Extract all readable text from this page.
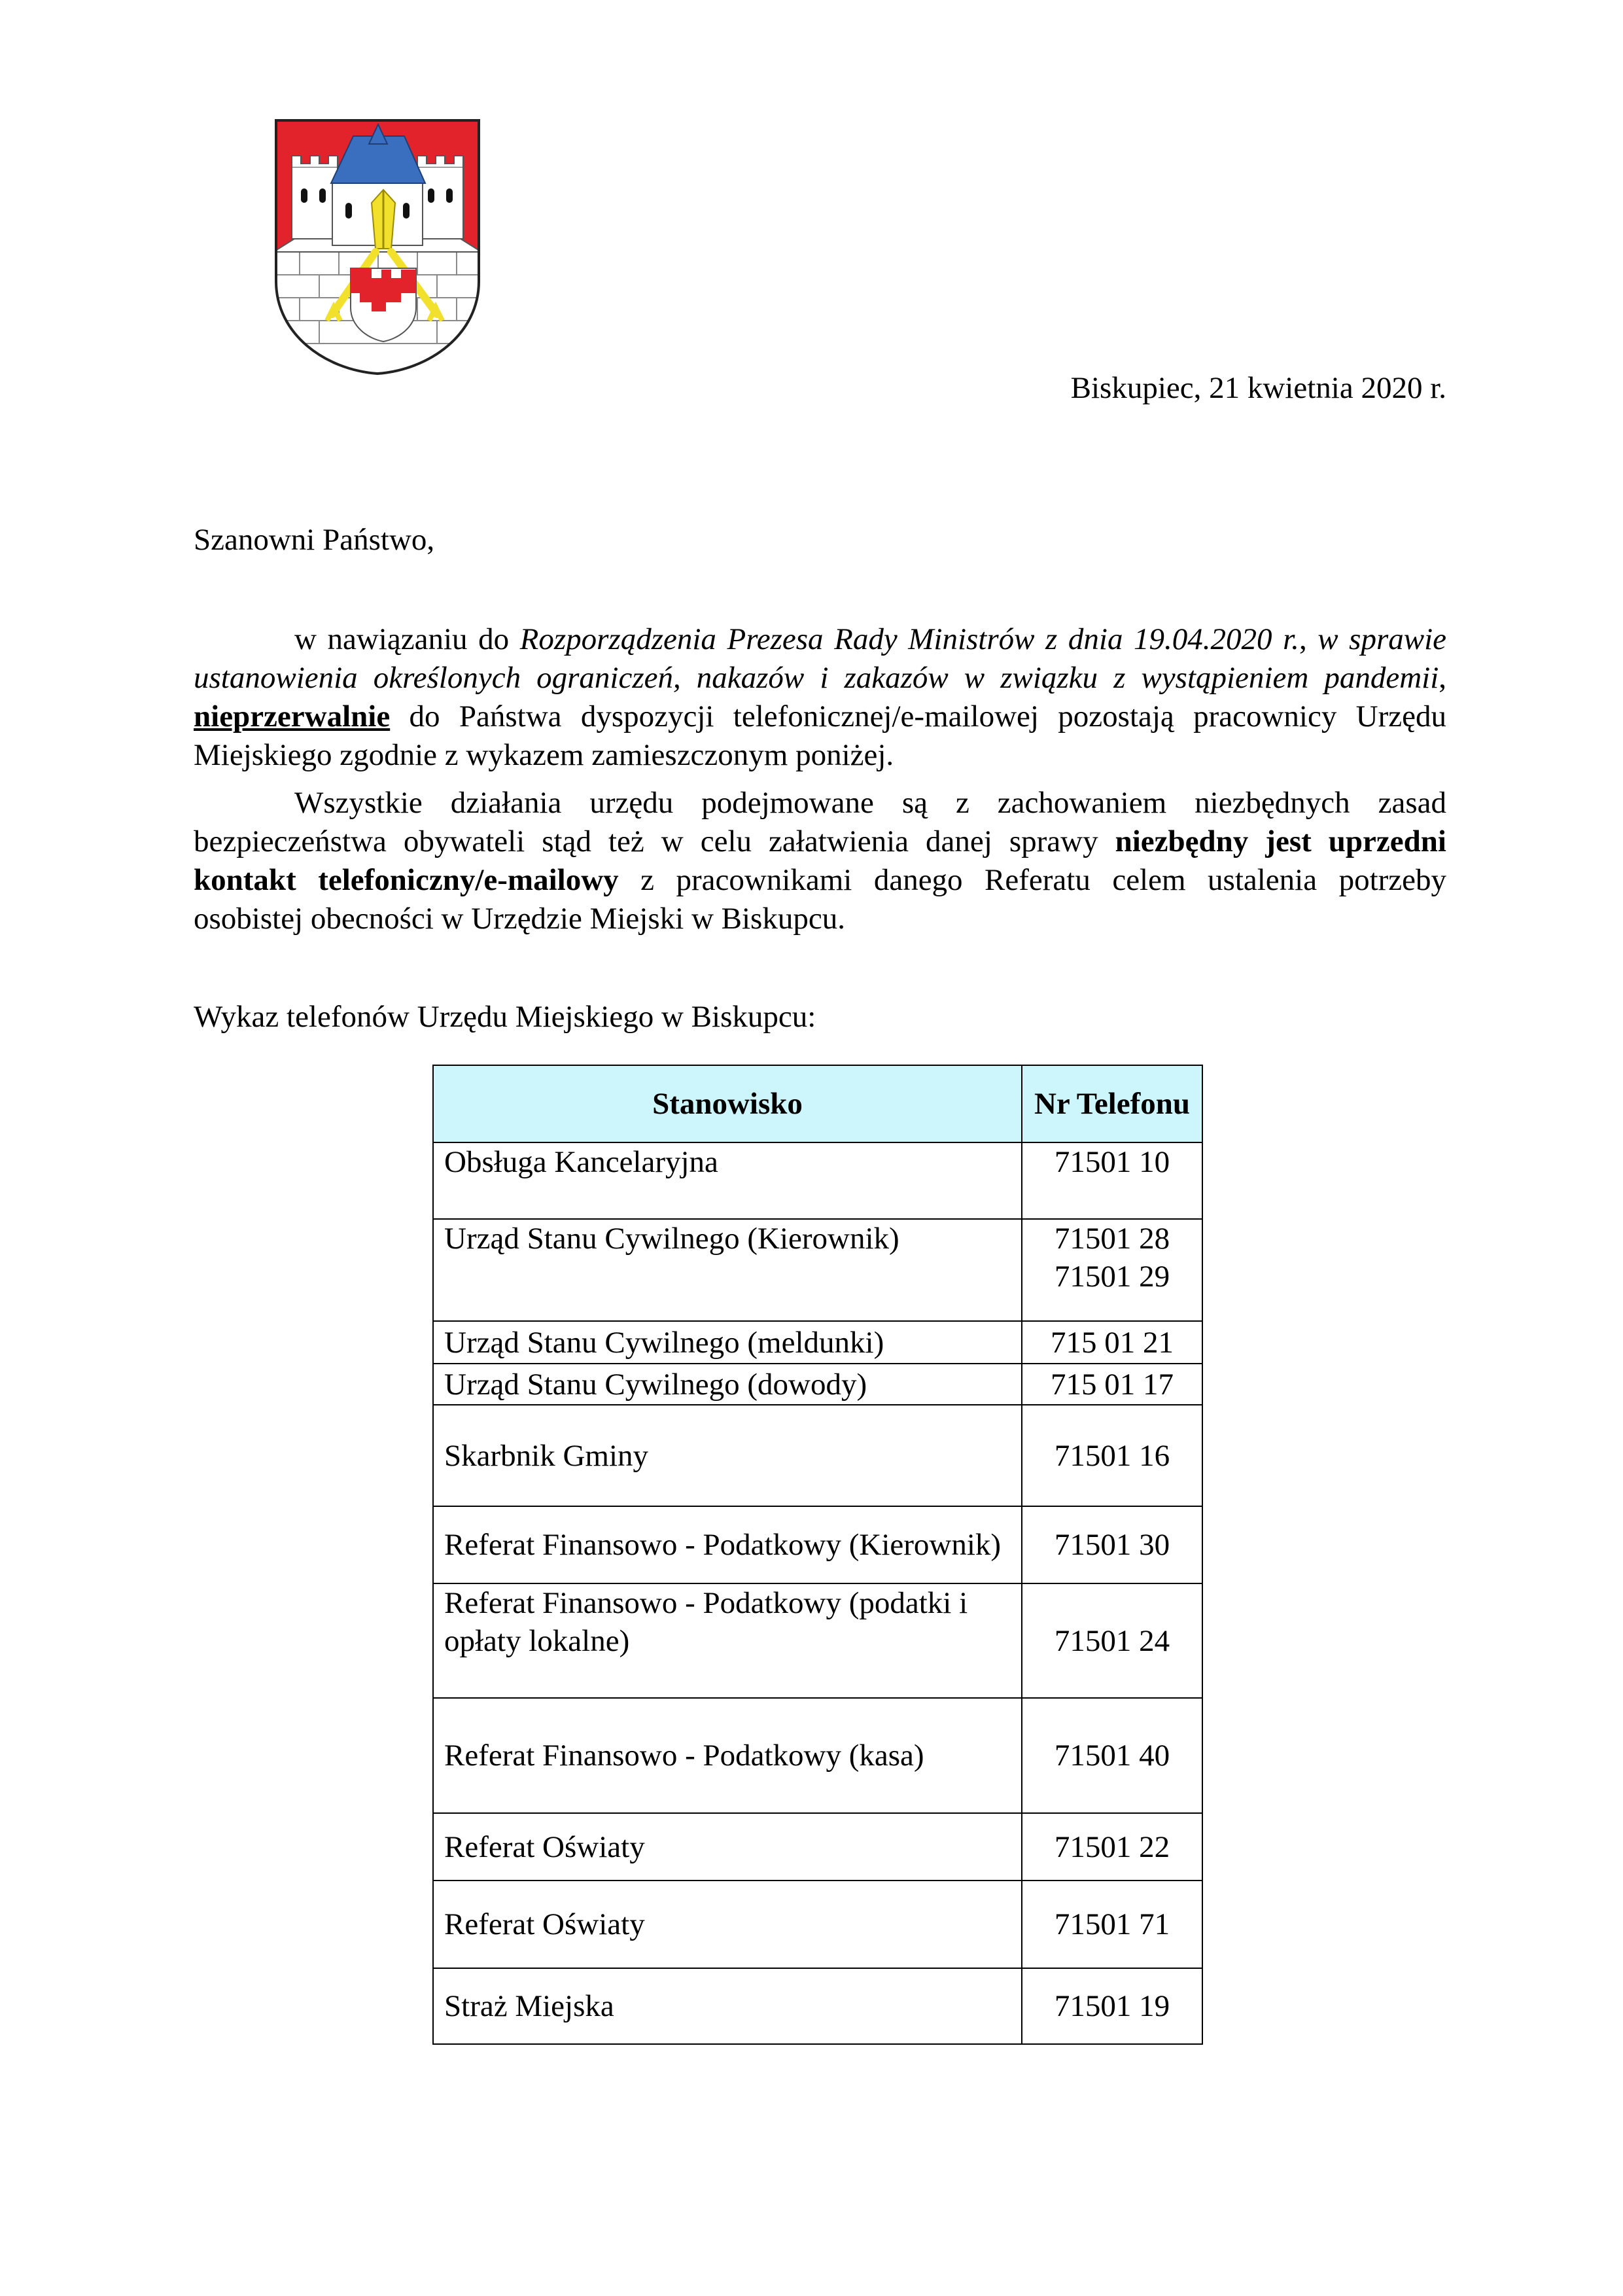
Biskupiec, 21 kwietnia 2020 r.
Szanowni Państwo,

w nawiązaniu do Rozporządzenia Prezesa Rady Ministrów z dnia 19.04.2020 r., w sprawie ustanowienia określonych ograniczeń, nakazów i zakazów w związku z wystąpieniem pandemii, nieprzerwalnie do Państwa dyspozycji telefonicznej/e-mailowej pozostają pracownicy Urzędu Miejskiego zgodnie z wykazem zamieszczonym poniżej.

Wszystkie działania urzędu podejmowane są z zachowaniem niezbędnych zasad bezpieczeństwa obywateli stąd też w celu załatwienia danej sprawy niezbędny jest uprzedni kontakt telefoniczny/e-mailowy z pracownikami danego Referatu celem ustalenia potrzeby osobistej obecności w Urzędzie Miejski w Biskupcu.

Wykaz telefonów Urzędu Miejskiego w Biskupcu:
Stanowisko	Nr Telefonu
Obsługa Kancelaryjna	71501 10
Urząd Stanu Cywilnego (Kierownik)	71501 28
71501 29

Urząd Stanu Cywilnego (meldunki)	715 01 21
Urząd Stanu Cywilnego (dowody)	715 01 17
Skarbnik Gminy	71501 16
Referat Finansowo - Podatkowy (Kierownik)	71501 30
Referat Finansowo - Podatkowy (podatki i opłaty lokalne)	71501 24
Referat Finansowo - Podatkowy (kasa)	71501 40
Referat Oświaty	71501 22
Referat Oświaty	71501 71
Straż Miejska	71501 19
